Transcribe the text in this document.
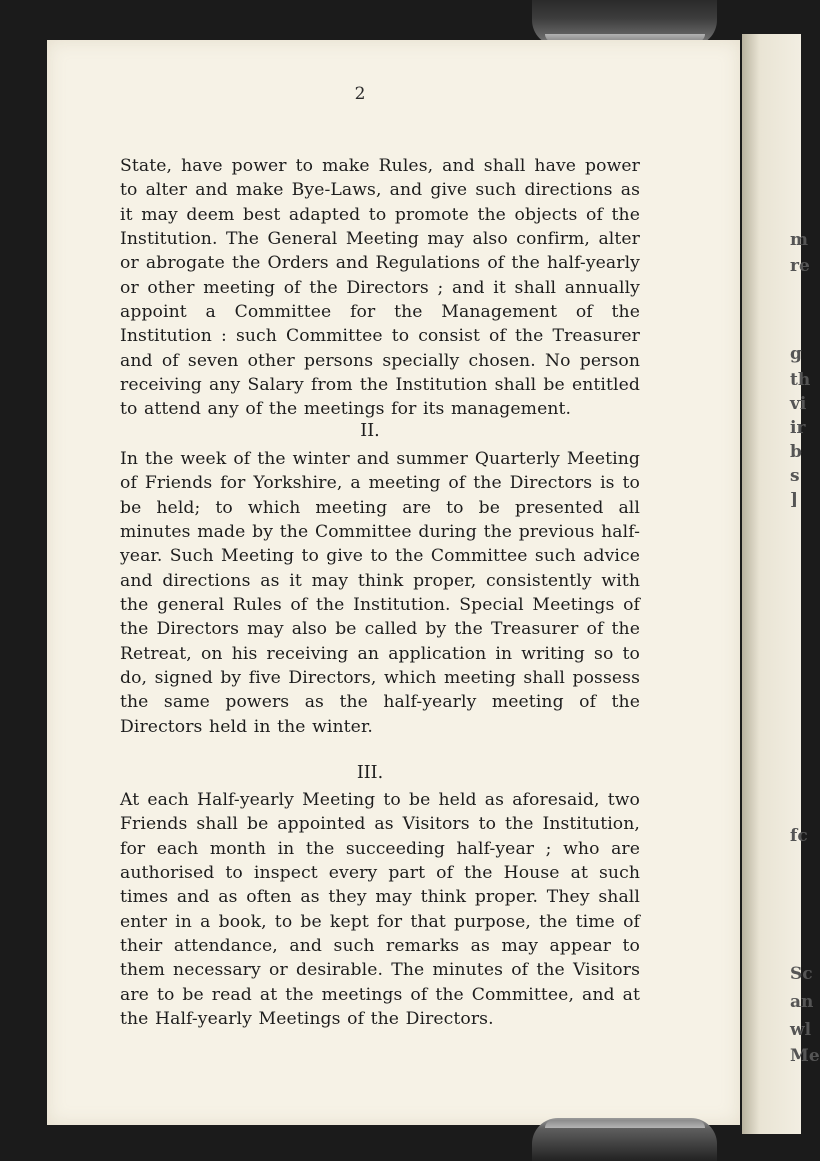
m
re
g
th
vi
ir
b
s
]
fc
Sc
an
wl
Me
2
State, have power to make Rules, and shall have power to alter and make Bye-Laws, and give such directions as it may deem best adapted to promote the objects of the Institution. The General Meeting may also confirm, alter or abrogate the Orders and Regulations of the half-yearly or other meeting of the Directors ; and it shall annually appoint a Committee for the Management of the Institution : such Committee to consist of the Treasurer and of seven other persons specially chosen. No person receiving any Salary from the Institution shall be entitled to attend any of the meetings for its management.
II.
In the week of the winter and summer Quarterly Meeting of Friends for Yorkshire, a meeting of the Directors is to be held; to which meeting are to be presented all minutes made by the Committee during the previous half-year. Such Meeting to give to the Committee such advice and directions as it may think proper, consistently with the general Rules of the Institution. Special Meetings of the Directors may also be called by the Treasurer of the Retreat, on his receiving an application in writing so to do, signed by five Directors, which meeting shall possess the same powers as the half-yearly meeting of the Directors held in the winter.
III.
At each Half-yearly Meeting to be held as aforesaid, two Friends shall be appointed as Visitors to the Institution, for each month in the succeeding half-year ; who are authorised to inspect every part of the House at such times and as often as they may think proper. They shall enter in a book, to be kept for that purpose, the time of their attendance, and such remarks as may appear to them necessary or desirable. The minutes of the Visitors are to be read at the meetings of the Committee, and at the Half-yearly Meetings of the Directors.
